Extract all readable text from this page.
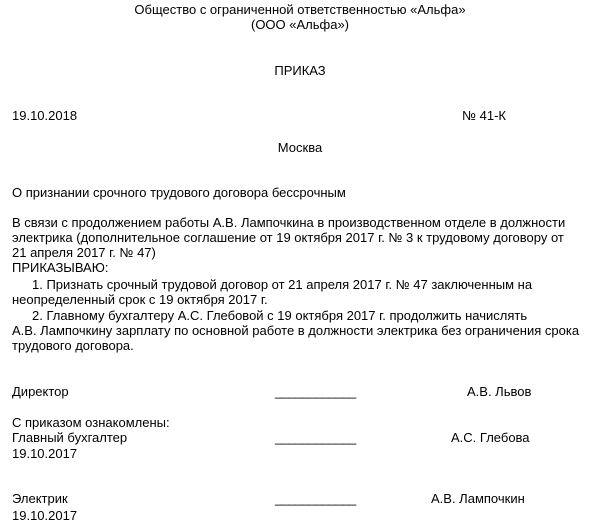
Общество с ограниченной ответственностью «Альфа»
(ООО «Альфа»)
ПРИКАЗ
19.10.2018	№ 41-К
Москва
О признании срочного трудового договора бессрочным
В связи с продолжением работы А.В. Лампочкина в производственном отделе в должности
электрика (дополнительное соглашение от 19 октября 2017 г. № 3 к трудовому договору от
21 апреля 2017 г. № 47)
ПРИКАЗЫВАЮ:
1. Признать срочный трудовой договор от 21 апреля 2017 г. № 47 заключенным на
неопределенный срок с 19 октября 2017 г.
2. Главному бухгалтеру А.С. Глебовой с 19 октября 2017 г. продолжить начислять
А.В. Лампочкину зарплату по основной работе в должности электрика без ограничения срока
трудового договора.
Директор	____________	А.В. Львов
С приказом ознакомлены:
Главный бухгалтер	____________	А.С. Глебова
19.10.2017
Электрик	____________	А.В. Лампочкин
19.10.2017
